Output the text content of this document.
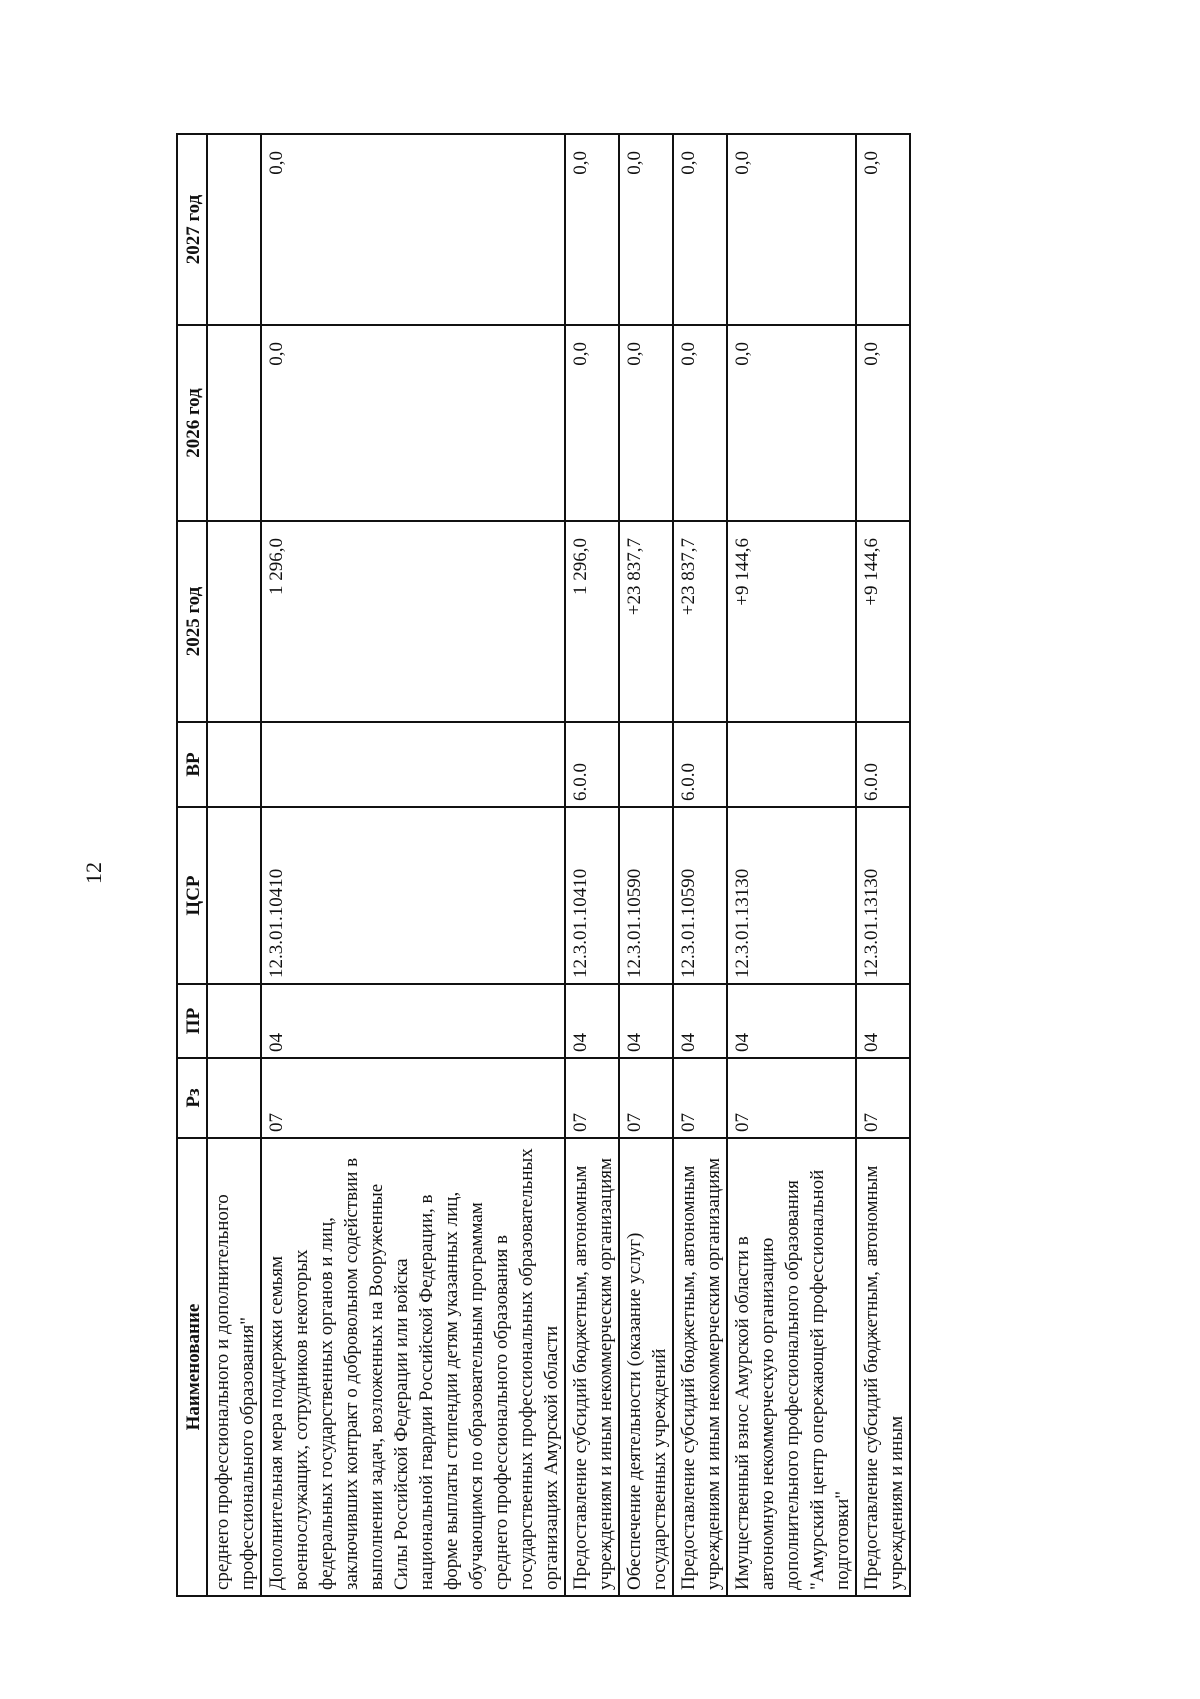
12
Наименование	Рз	ПР	ЦСР	ВР	2025 год	2026 год	2027 год
среднего профессионального и дополнительного профессионального образования"							
Дополнительная мера поддержки семьям военнослужащих, сотрудников некоторых федеральных государственных органов и лиц, заключивших контракт о добровольном содействии в выполнении задач, возложенных на Вооруженные Силы Российской Федерации или войска национальной гвардии Российской Федерации, в форме выплаты стипендии детям указанных лиц, обучающимся по образовательным программам среднего профессионального образования в государственных профессиональных образовательных организациях Амурской области	07	04	12.3.01.10410		1 296,0	0,0	0,0
Предоставление субсидий бюджетным, автономным учреждениям и иным некоммерческим организациям	07	04	12.3.01.10410	6.0.0	1 296,0	0,0	0,0
Обеспечение деятельности (оказание услуг) государственных учреждений	07	04	12.3.01.10590		+23 837,7	0,0	0,0
Предоставление субсидий бюджетным, автономным учреждениям и иным некоммерческим организациям	07	04	12.3.01.10590	6.0.0	+23 837,7	0,0	0,0
Имущественный взнос Амурской области в автономную некоммерческую организацию дополнительного профессионального образования "Амурский центр опережающей профессиональной подготовки"	07	04	12.3.01.13130		+9 144,6	0,0	0,0
Предоставление субсидий бюджетным, автономным учреждениям и иным	07	04	12.3.01.13130	6.0.0	+9 144,6	0,0	0,0
